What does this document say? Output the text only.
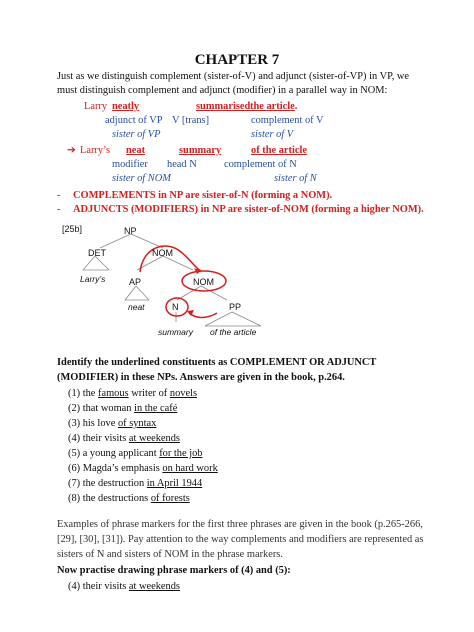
CHAPTER 7
Just as we distinguish complement (sister-of-V) and adjunct (sister-of-VP) in VP, we
must distinguish complement and adjunct (modifier) in a parallel way in NOM:
Larry neatly	summarised the article.
adjunct of VP V [trans]	complement of V
sister of VP	sister of V
➔ Larry’s neat	summary	of the article
modifier head N	complement of N
sister of NOM	sister of N
- COMPLEMENTS in NP are sister-of-N (forming a NOM).
- ADJUNCTS (MODIFIERS) in NP are sister-of-NOM (forming a higher NOM).
[25b]	NP
DET	NOM
Larry’s	AP	NOM
neat	N	PP
summary of the article
Identify the underlined constituents as COMPLEMENT OR ADJUNCT
(MODIFIER) in these NPs. Answers are given in the book, p.264.
(1) the famous writer of novels
(2) that woman in the café
(3) his love of syntax
(4) their visits at weekends
(5) a young applicant for the job
(6) Magda’s emphasis on hard work
(7) the destruction in April 1944
(8) the destructions of forests
Examples of phrase markers for the first three phrases are given in the book (p.265-266,
[29], [30], [31]). Pay attention to the way complements and modifiers are represented as
sisters of N and sisters of NOM in the phrase markers.
Now practise drawing phrase markers of (4) and (5):
(4) their visits at weekends
